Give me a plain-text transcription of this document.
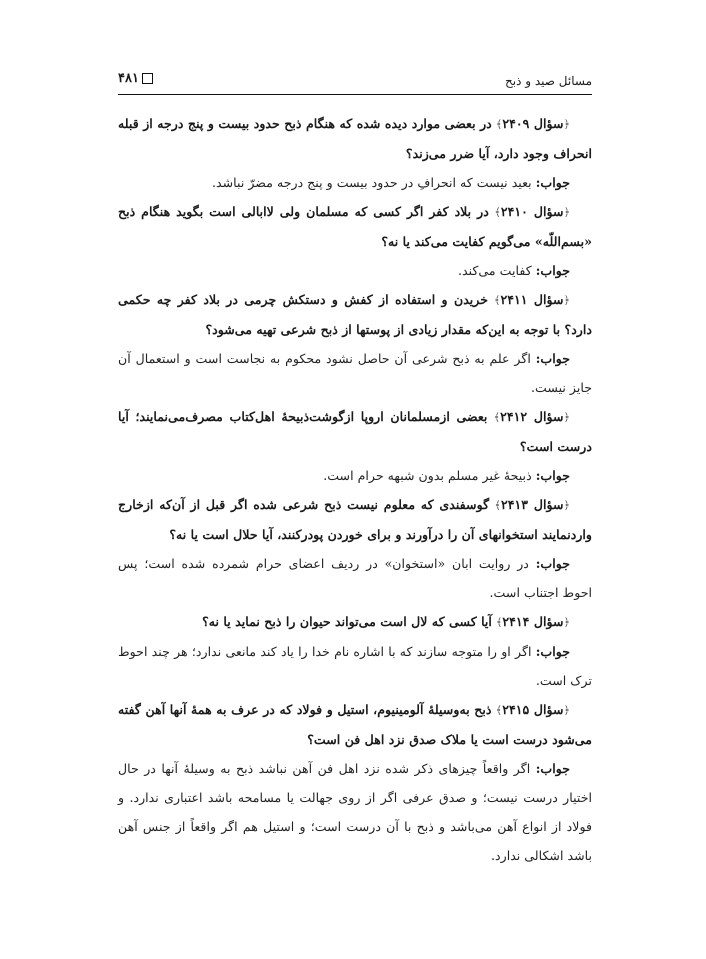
مسائل صید و ذبح
۴۸۱

﴿سؤال ۲۴۰۹﴾ در بعضی موارد دیده شده که هنگام ذبح حدود بیست و پنج درجه از قبله انحراف وجود دارد، آیا ضرر می‌زند؟

جواب: بعید نیست که انحرافِ در حدود بیست و پنج درجه مضرّ نباشد.

﴿سؤال ۲۴۱۰﴾ در بلاد کفر اگر کسی که مسلمان ولی لاابالی است بگوید هنگام ذبح «بسم‌اللّه» می‌گویم کفایت می‌کند یا نه؟

جواب: کفایت می‌کند.

﴿سؤال ۲۴۱۱﴾ خریدن و استفاده از کفش و دستکش چرمی در بلاد کفر چه حکمی دارد؟ با توجه به این‌که مقدار زیادی از پوستها از ذبح شرعی تهیه می‌شود؟

جواب: اگر علم به ذبح شرعی آن حاصل نشود محکوم به نجاست است و استعمال آن جایز نیست.

﴿سؤال ۲۴۱۲﴾ بعضی ازمسلمانان اروپا ازگوشت‌ذبیحهٔ اهل‌کتاب مصرف‌می‌نمایند؛ آیا درست است؟

جواب: ذبیحهٔ غیر مسلم بدون شبهه حرام است.

﴿سؤال ۲۴۱۳﴾ گوسفندی که معلوم نیست ذبح شرعی شده اگر قبل از آن‌که ازخارج واردنمایند استخوانهای آن را درآورند و برای خوردن پودرکنند، آیا حلال است یا نه؟

جواب: در روایت ابان «استخوان» در ردیف اعضای حرام شمرده شده است؛ پس احوط اجتناب است.

﴿سؤال ۲۴۱۴﴾ آیا کسی که لال است می‌تواند حیوان را ذبح نماید یا نه؟

جواب: اگر او را متوجه سازند که با اشاره نام خدا را یاد کند مانعی ندارد؛ هر چند احوط ترک است.

﴿سؤال ۲۴۱۵﴾ ذبح به‌وسیلهٔ آلومینیوم، استیل و فولاد که در عرف به همهٔ آنها آهن گفته می‌شود درست است یا ملاک صدق نزد اهل فن است؟

جواب: اگر واقعاً چیزهای ذکر شده نزد اهل فن آهن نباشد ذبح به وسیلهٔ آنها در حال اختیار درست نیست؛ و صدق عرفی اگر از روی جهالت یا مسامحه باشد اعتباری ندارد. و فولاد از انواع آهن می‌باشد و ذبح با آن درست است؛ و استیل هم اگر واقعاً از جنس آهن باشد اشکالی ندارد.
